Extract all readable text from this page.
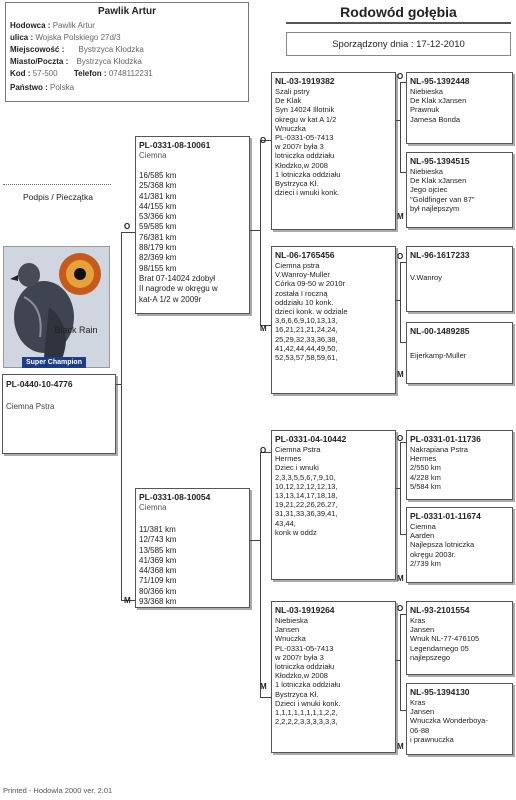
Pawlik Artur
Hodowca : Pawlik Artur
ulica : Wojska Polskiego 27d/3
Miejscowość : Bystrzyca Kłodzka
Miasto/Poczta : Bystrzyca Kłodzka
Kod : 57-500 Telefon : 0748112231
Państwo : Polska
Rodowód gołębia
Sporządzony dnia : 17-12-2010
Podpis / Pieczątka
Black Rain
Super Champion
PL-0440-10-4776
Ciemna Pstra
O
M
PL-0331-08-10061
Ciemna
16/585 km
25/368 km
41/381 km
44/155 km
53/366 km
59/585 km
76/381 km
88/179 km
82/369 km
98/155 km
Brat 07-14024 zdobył
II nagrode w okręgu w
kat-A 1/2 w 2009r
PL-0331-08-10054
Ciemna
11/381 km
12/743 km
13/585 km
41/369 km
44/368 km
71/109 km
80/366 km
93/368 km
O
M
O
M
NL-03-1919382
Szali pstry
De Klak
Syn 14024 Illotnik
okregu w kat A 1/2
Wnuczka
PL-0331-05-7413
w 2007r była 3
lotniczka oddziału
Kłodzko,w 2008
1 lotniczka oddziału
Bystrzyca Kł.
dzieci i wnuki konk.
NL-06-1765456
Ciemna pstra
V.Wanroy-Muller
Córka 09-50 w 2010r
została I roczną
oddziału 10 konk.
dzieci konk. w odziale
3,6,6,6,9,10,13,13,
16,21,21,21,24,24,
25,29,32,33,36,38,
41,42,44,44,49,50,
52,53,57,58,59,61,
PL-0331-04-10442
Ciemna Pstra
Hermes
Dziec i wnuki
2,3,3,5,5,6,7,9,10,
10,12,12,12,12,13,
13,13,14,17,18,18,
19,21,22,26,26,27,
31,31,33,36,39,41,
43,44,
konk w oddz
NL-03-1919264
Niebieska
Jansen
Wnuczka
PL-0331-05-7413
w 2007r była 3
lotniczka oddziału
Kłodzko,w 2008
1 lotniczka oddziału
Bystrzyca Kł.
Dzieci i wnuki konk.
1,1,1,1,1,1,1,1,2,2,
2,2,2,2,3,3,3,3,3,3,
O
M
O
M
O
M
O
M
NL-95-1392448
Niebieska
De Klak xJansen
Prawnuk
Jamesa Bonda
NL-95-1394515
Niebieska
De Klak xJansen
Jego ojciec
"Goldfinger van 87"
był najlepszym
NL-96-1617233
V.Wanroy
NL-00-1489285
Eijerkamp-Muller
PL-0331-01-11736
Nakrapiana Pstra
Hermes
2/550 km
4/228 km
5/584 km
PL-0331-01-11674
Ciemna
Aarden
Najlepsza lotniczka
okręgu 2003r.
2/739 km
NL-93-2101554
Kras
Jansen
Wnuk NL-77-476105
Legendarnego 05
najlepszego
NL-95-1394130
Kras
Jansen
Wnuczka Wonderboya-
06-88
i prawnuczka
Printed - Hodowla 2000 ver. 2.01
